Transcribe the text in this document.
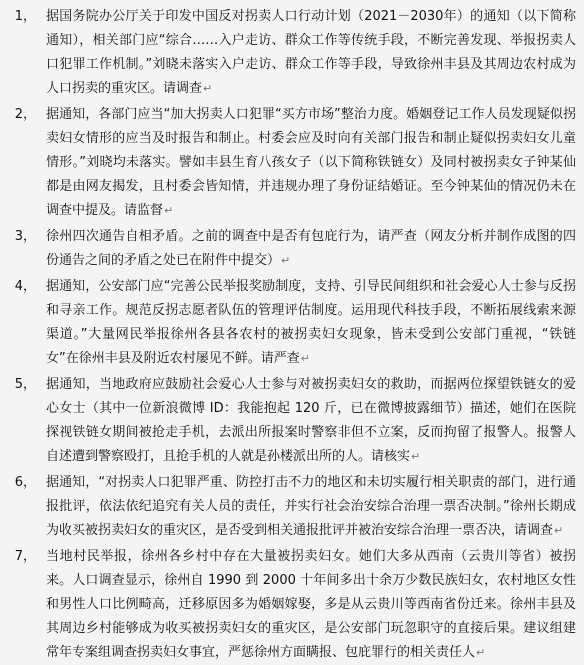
1， 据国务院办公厅关于印发中国反对拐卖人口行动计划（2021－2030年）的通知（以下简称通知），相关部门应“综合……入户走访、群众工作等传统手段，不断完善发现、举报拐卖人口犯罪工作机制。”刘晓未落实入户走访、群众工作等手段，导致徐州丰县及其周边农村成为人口拐卖的重灾区。请调查↵
2， 据通知，各部门应当“加大拐卖人口犯罪“买方市场”整治力度。婚姻登记工作人员发现疑似拐卖妇女情形的应当及时报告和制止。村委会应及时向有关部门报告和制止疑似拐卖妇女儿童情形。”刘晓均未落实。譬如丰县生育八孩女子（以下简称铁链女）及同村被拐卖女子钟某仙都是由网友揭发，且村委会皆知情，并违规办理了身份证结婚证。至今钟某仙的情况仍未在调查中提及。请监督↵
3， 徐州四次通告自相矛盾。之前的调查中是否有包庇行为，请严查（网友分析并制作成图的四份通告之间的矛盾之处已在附件中提交）↵
4， 据通知，公安部门应“完善公民举报奖励制度，支持、引导民间组织和社会爱心人士参与反拐和寻亲工作。规范反拐志愿者队伍的管理评估制度。运用现代科技手段，不断拓展线索来源渠道。”大量网民举报徐州各县各农村的被拐卖妇女现象，皆未受到公安部门重视，“铁链女”在徐州丰县及附近农村屡见不鲜。请严查↵
5， 据通知，当地政府应鼓励社会爱心人士参与对被拐卖妇女的救助，而据两位探望铁链女的爱心女士（其中一位新浪微博 ID：我能抱起 120 斤，已在微博披露细节）描述，她们在医院探视铁链女期间被抢走手机，去派出所报案时警察非但不立案，反而拘留了报警人。报警人自述遭到警察殴打，且抢手机的人就是孙楼派出所的人。请核实↵
6， 据通知，“对拐卖人口犯罪严重、防控打击不力的地区和未切实履行相关职责的部门，进行通报批评，依法依纪追究有关人员的责任，并实行社会治安综合治理一票否决制。”徐州长期成为收买被拐卖妇女的重灾区，是否受到相关通报批评并被治安综合治理一票否决，请调查↵
7， 当地村民举报，徐州各乡村中存在大量被拐卖妇女。她们大多从西南（云贵川等省）被拐来。人口调查显示，徐州自 1990 到 2000 十年间多出十余万少数民族妇女，农村地区女性和男性人口比例畸高，迁移原因多为婚姻嫁娶，多是从云贵川等西南省份迁来。徐州丰县及其周边乡村能够成为收买被拐卖妇女的重灾区，是公安部门玩忽职守的直接后果。建议组建常年专案组调查拐卖妇女事宜，严惩徐州方面瞒报、包庇罪行的相关责任人↵
